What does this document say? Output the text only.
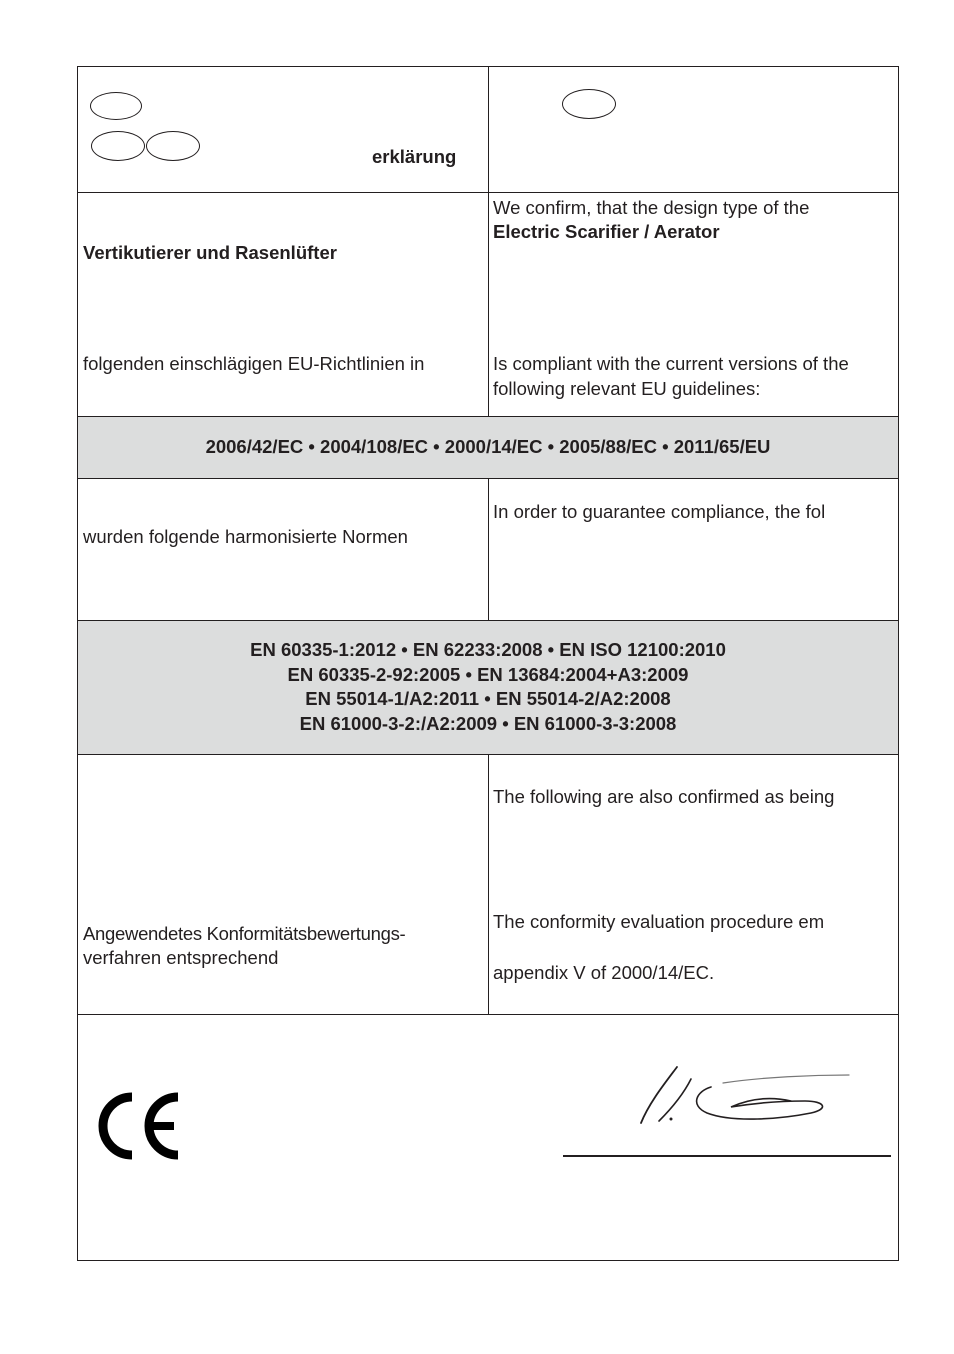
erklärung
Vertikutierer und Rasenlüfter
We confirm, that the design type of the
Electric Scarifier / Aerator
folgenden einschlägigen EU-Richtlinien in	Is compliant with the current versions of the
following relevant EU guidelines:
2006/42/EC • 2004/108/EC • 2000/14/EC • 2005/88/EC • 2011/65/EU
wurden folgende harmonisierte Normen
In order to guarantee compliance, the fol
EN 60335-1:2012 • EN 62233:2008 • EN ISO 12100:2010
EN 60335-2-92:2005 • EN 13684:2004+A3:2009
EN 55014-1/A2:2011 • EN 55014-2/A2:2008
EN 61000-3-2:/A2:2009 • EN 61000-3-3:2008
The following are also confirmed as being
Angewendetes Konformitätsbewertungs-
verfahren entsprechend
The conformity evaluation procedure em
appendix V of 2000/14/EC.
